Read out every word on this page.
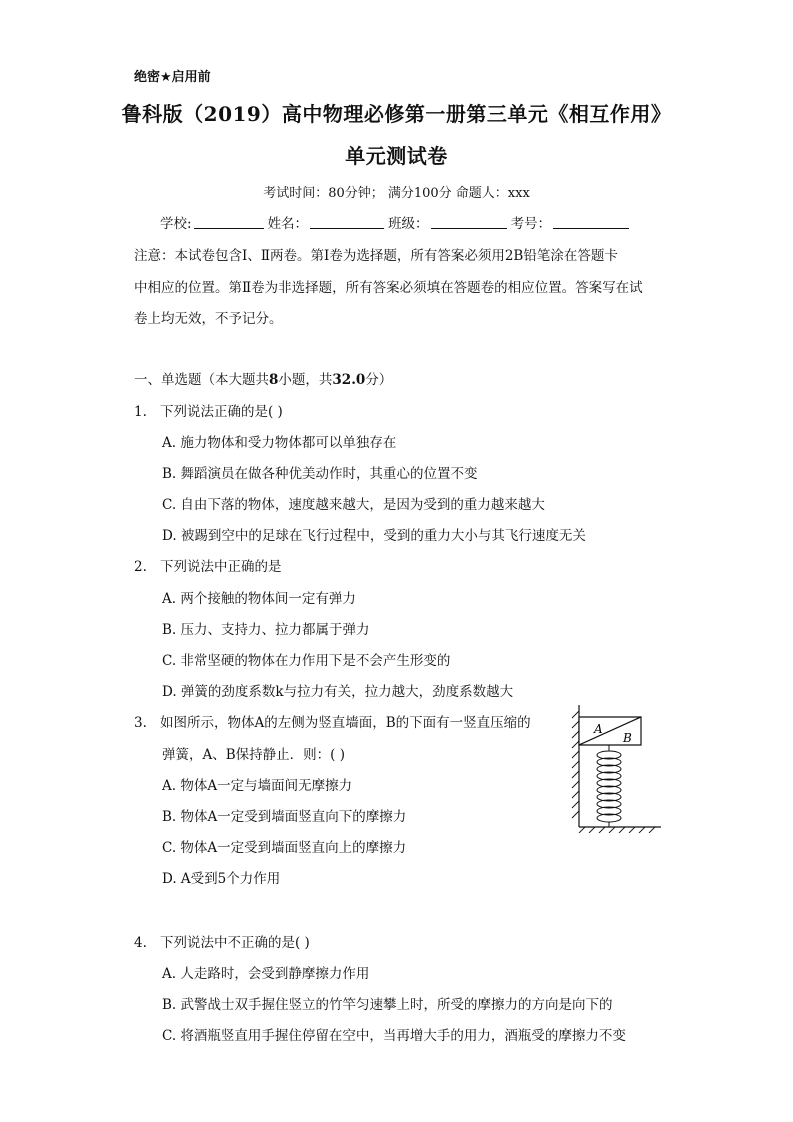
绝密★启用前
鲁科版（2019）高中物理必修第一册第三单元《相互作用》
单元测试卷
考试时间：80分钟； 满分100分 命题人：xxx
学校:	姓名：	班级：	考号：
注意：本试卷包含Ⅰ、Ⅱ两卷。第Ⅰ卷为选择题，所有答案必须用2B铅笔涂在答题卡
中相应的位置。第Ⅱ卷为非选择题，所有答案必须填在答题卷的相应位置。答案写在试
卷上均无效，不予记分。
一、单选题（本大题共8小题，共32.0分）
1. 下列说法正确的是( )
A. 施力物体和受力物体都可以单独存在
B. 舞蹈演员在做各种优美动作时，其重心的位置不变
C. 自由下落的物体，速度越来越大，是因为受到的重力越来越大
D. 被踢到空中的足球在飞行过程中，受到的重力大小与其飞行速度无关
2. 下列说法中正确的是
A. 两个接触的物体间一定有弹力
B. 压力、支持力、拉力都属于弹力
C. 非常坚硬的物体在力作用下是不会产生形变的
D. 弹簧的劲度系数k与拉力有关，拉力越大，劲度系数越大
3. 如图所示，物体A的左侧为竖直墙面，B的下面有一竖直压缩的
弹簧，A、B保持静止．则：( )
A. 物体A一定与墙面间无摩擦力
B. 物体A一定受到墙面竖直向下的摩擦力
C. 物体A一定受到墙面竖直向上的摩擦力
D. A受到5个力作用
A
B
4. 下列说法中不正确的是( )
A. 人走路时，会受到静摩擦力作用
B. 武警战士双手握住竖立的竹竿匀速攀上时，所受的摩擦力的方向是向下的
C. 将酒瓶竖直用手握住停留在空中，当再增大手的用力，酒瓶受的摩擦力不变
